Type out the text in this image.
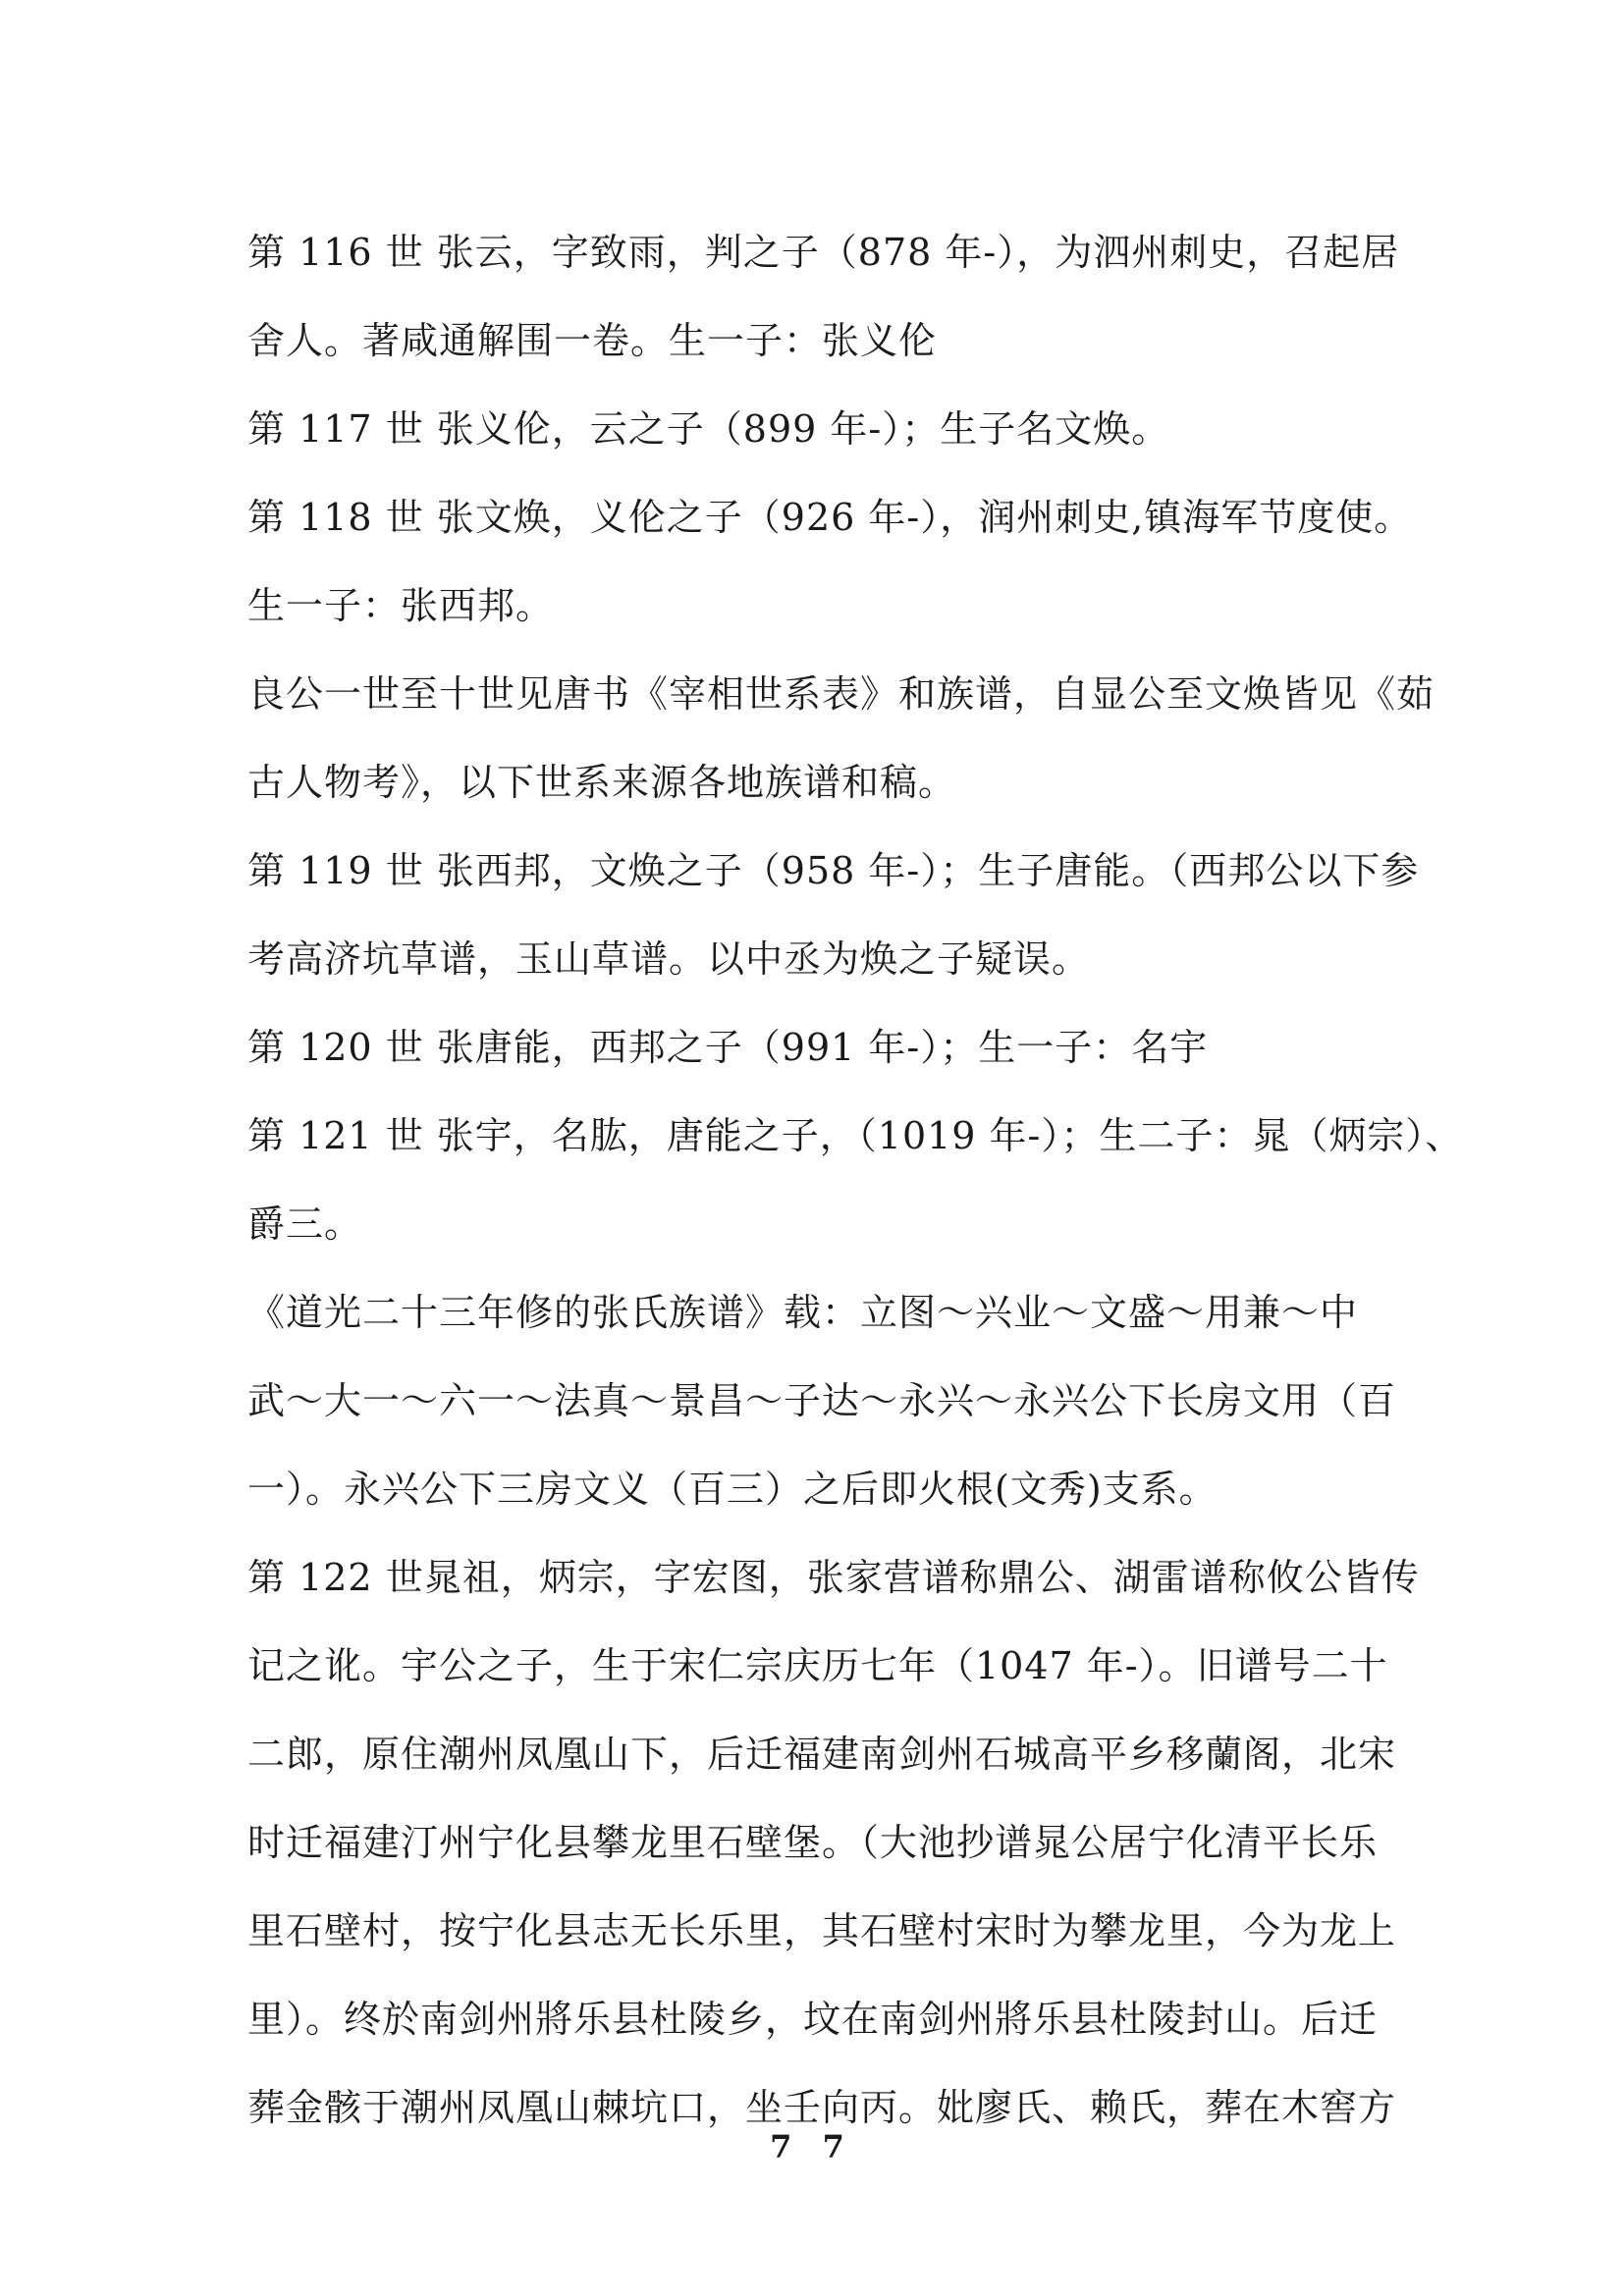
第 116 世 张云，字致雨，判之子（878 年-），为泗州刺史，召起居
舍人。著咸通解围一卷。生一子：张义伦
第 117 世 张义伦，云之子（899 年-）；生子名文焕。
第 118 世 张文焕，义伦之子（926 年-），润州刺史,镇海军节度使。
生一子：张西邦。
良公一世至十世见唐书《宰相世系表》和族谱，自显公至文焕皆见《茹
古人物考》，以下世系来源各地族谱和稿。
第 119 世 张西邦，文焕之子（958 年-）；生子唐能。（西邦公以下参
考高济坑草谱，玉山草谱。以中丞为焕之子疑误。
第 120 世 张唐能，西邦之子（991 年-）；生一子：名宇
第 121 世 张宇，名肱，唐能之子，（1019 年-）；生二子：晁（炳宗）、
爵三。
《道光二十三年修的张氏族谱》载：立图～兴业～文盛～用兼～中
武～大一～六一～法真～景昌～子达～永兴～永兴公下长房文用（百
一）。永兴公下三房文义（百三）之后即火根(文秀)支系。
第 122 世晁祖，炳宗，字宏图，张家营谱称鼎公、湖雷谱称攸公皆传
记之讹。宇公之子，生于宋仁宗庆历七年（1047 年-）。旧谱号二十
二郎，原住潮州凤凰山下，后迁福建南剑州石城高平乡移蘭阁，北宋
时迁福建汀州宁化县攀龙里石壁堡。（大池抄谱晁公居宁化清平长乐
里石壁村，按宁化县志无长乐里，其石壁村宋时为攀龙里，今为龙上
里）。终於南剑州將乐县杜陵乡，坟在南剑州將乐县杜陵封山。后迁
葬金骸于潮州凤凰山棘坑口，坐壬向丙。妣廖氏、赖氏，葬在木窖方
7 7
